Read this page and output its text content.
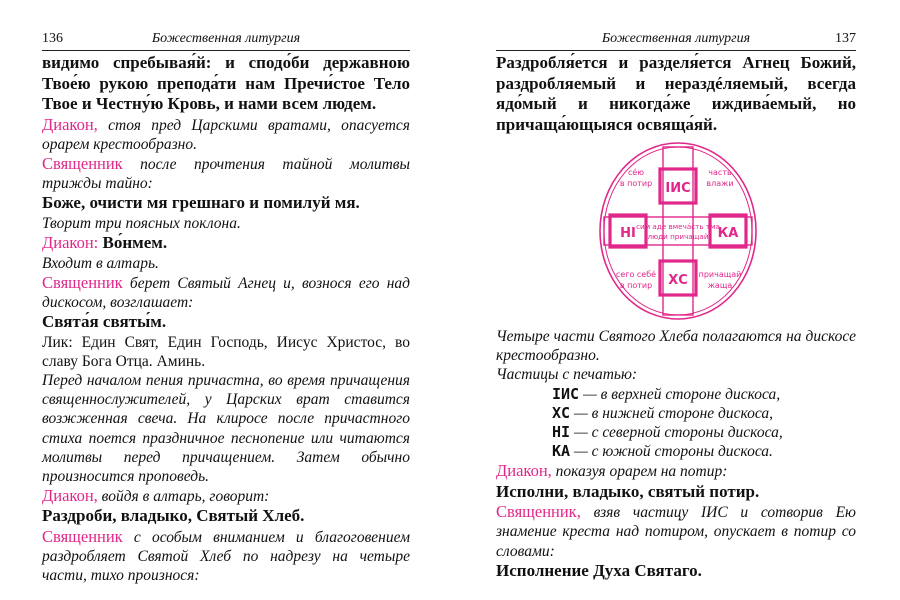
136	Божественная литургия

видимо спребывая́й: и сподо́би державною Твое́ю рукою препода́ти нам Пречи́стое Тело Твое и Честну́ю Кровь, и нами всем людем.

Диакон, стоя пред Царскими вратами, опасуется орарем крестообразно.

Священник после прочтения тайной молитвы трижды тайно:

Боже, очисти мя грешнаго и помилуй мя.

Творит три поясных поклона.

Диакон: Во́нмем.

Входит в алтарь.

Священник берет Святый Агнец и, вознося его над дискосом, возглашает:

Свята́я святы́м.

Лик: Един Свят, Един Господь, Иисус Христос, во славу Бога Отца. Аминь.

Перед началом пения причастна, во время причащения священнослужителей, у Царских врат ставится возжженная свеча. На клиросе после причастного стиха поется праздничное песнопение или читаются молитвы перед причащением. Затем обычно произносится проповедь.

Диакон, войдя в алтарь, говорит:

Раздроби, владыко, Святый Хлеб.

Священник с особым вниманием и благоговением раздробляет Святой Хлеб по надрезу на четыре части, тихо произнося:

Божественная литургия	137

Раздробля́ется и разделя́ется Агнец Божий, раздробляемый и нераздéляемый, всегда ядо́мый и никогда́же иждива́емый, но причаща́ющыяся освяща́яй.

ІИС
ХС
НІ	КА
се́ю
в потир
часть
влажи
сим аде вмеча́сть тма
люди причащай
сего себе́
в потир
причащай
жаща

Четыре части Святого Хлеба полагаются на дискосе крестообразно.

Частицы с печатью:

ІИС — в верхней стороне дискоса,

ХС — в нижней стороне дискоса,

НІ — с северной стороны дискоса,

КА — с южной стороны дискоса.

Диакон, показуя орарем на потир:

Исполни, владыко, святый потир.

Священник, взяв частицу ІИС и сотворив Ею знамение креста над потиром, опускает в потир со словами:

Исполнение Духа Святаго.
